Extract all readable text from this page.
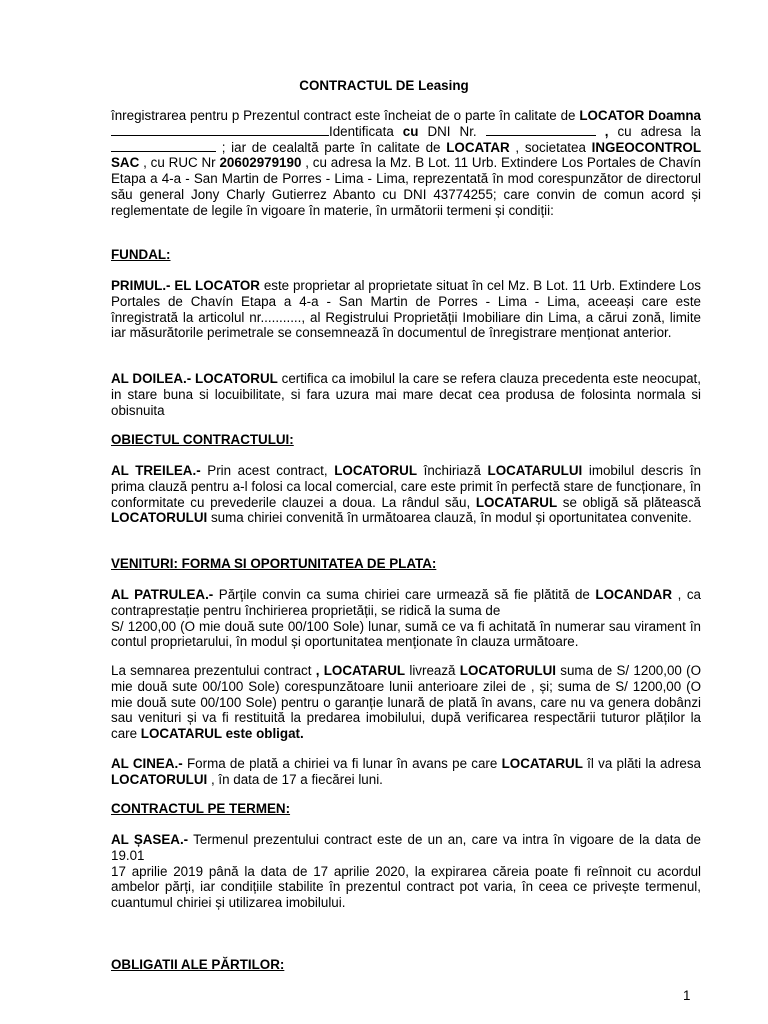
CONTRACTUL DE Leasing

înregistrarea pentru p Prezentul contract este încheiat de o parte în calitate de LOCATOR Doamna Identificata cu DNI Nr.	, cu adresa la  ; iar de cealaltă parte în calitate de LOCATAR , societatea INGEOCONTROL SAC , cu RUC Nr 20602979190 , cu adresa la Mz. B Lot. 11 Urb. Extindere Los Portales de Chavín Etapa a 4-a - San Martin de Porres - Lima - Lima, reprezentată în mod corespunzător de directorul său general Jony Charly Gutierrez Abanto cu DNI 43774255; care convin de comun acord și reglementate de legile în vigoare în materie, în următorii termeni și condiții:

FUNDAL:

PRIMUL.- EL LOCATOR este proprietar al proprietate situat în cel Mz. B Lot. 11 Urb. Extindere Los Portales de Chavín Etapa a 4-a - San Martin de Porres - Lima - Lima, aceeași care este înregistrată la articolul nr..........., al Registrului Proprietății Imobiliare din Lima, a cărui zonă, limite iar măsurătorile perimetrale se consemnează în documentul de înregistrare menționat anterior.

AL DOILEA.- LOCATORUL certifica ca imobilul la care se refera clauza precedenta este neocupat, in stare buna si locuibilitate, si fara uzura mai mare decat cea produsa de folosinta normala si obisnuita

OBIECTUL CONTRACTULUI:

AL TREILEA.- Prin acest contract, LOCATORUL închiriază LOCATARULUI imobilul descris în prima clauză pentru a-l folosi ca local comercial, care este primit în perfectă stare de funcționare, în conformitate cu prevederile clauzei a doua. La rândul său, LOCATARUL se obligă să plătească LOCATORULUI suma chiriei convenită în următoarea clauză, în modul și oportunitatea convenite.

VENITURI: FORMA SI OPORTUNITATEA DE PLATA:

AL PATRULEA.- Părțile convin ca suma chiriei care urmează să fie plătită de LOCANDAR , ca contraprestație pentru închirierea proprietății, se ridică la suma de
S/ 1200,00 (O mie două sute 00/100 Sole) lunar, sumă ce va fi achitată în numerar sau virament în contul proprietarului, în modul și oportunitatea menționate în clauza următoare.

La semnarea prezentului contract , LOCATARUL livrează LOCATORULUI suma de S/ 1200,00 (O mie două sute 00/100 Sole) corespunzătoare lunii anterioare zilei de , și; suma de S/ 1200,00 (O mie două sute 00/100 Sole) pentru o garanție lunară de plată în avans, care nu va genera dobânzi sau venituri și va fi restituită la predarea imobilului, după verificarea respectării tuturor plăților la care LOCATARUL este obligat.

AL CINEA.- Forma de plată a chiriei va fi lunar în avans pe care LOCATARUL îl va plăti la adresa LOCATORULUI , în data de 17 a fiecărei luni.

CONTRACTUL PE TERMEN:

AL ȘASEA.- Termenul prezentului contract este de un an, care va intra în vigoare de la data de 19.01
17 aprilie 2019 până la data de 17 aprilie 2020, la expirarea căreia poate fi reînnoit cu acordul ambelor părți, iar condițiile stabilite în prezentul contract pot varia, în ceea ce privește termenul, cuantumul chiriei și utilizarea imobilului.

OBLIGATII ALE PĂRTILOR:

1
